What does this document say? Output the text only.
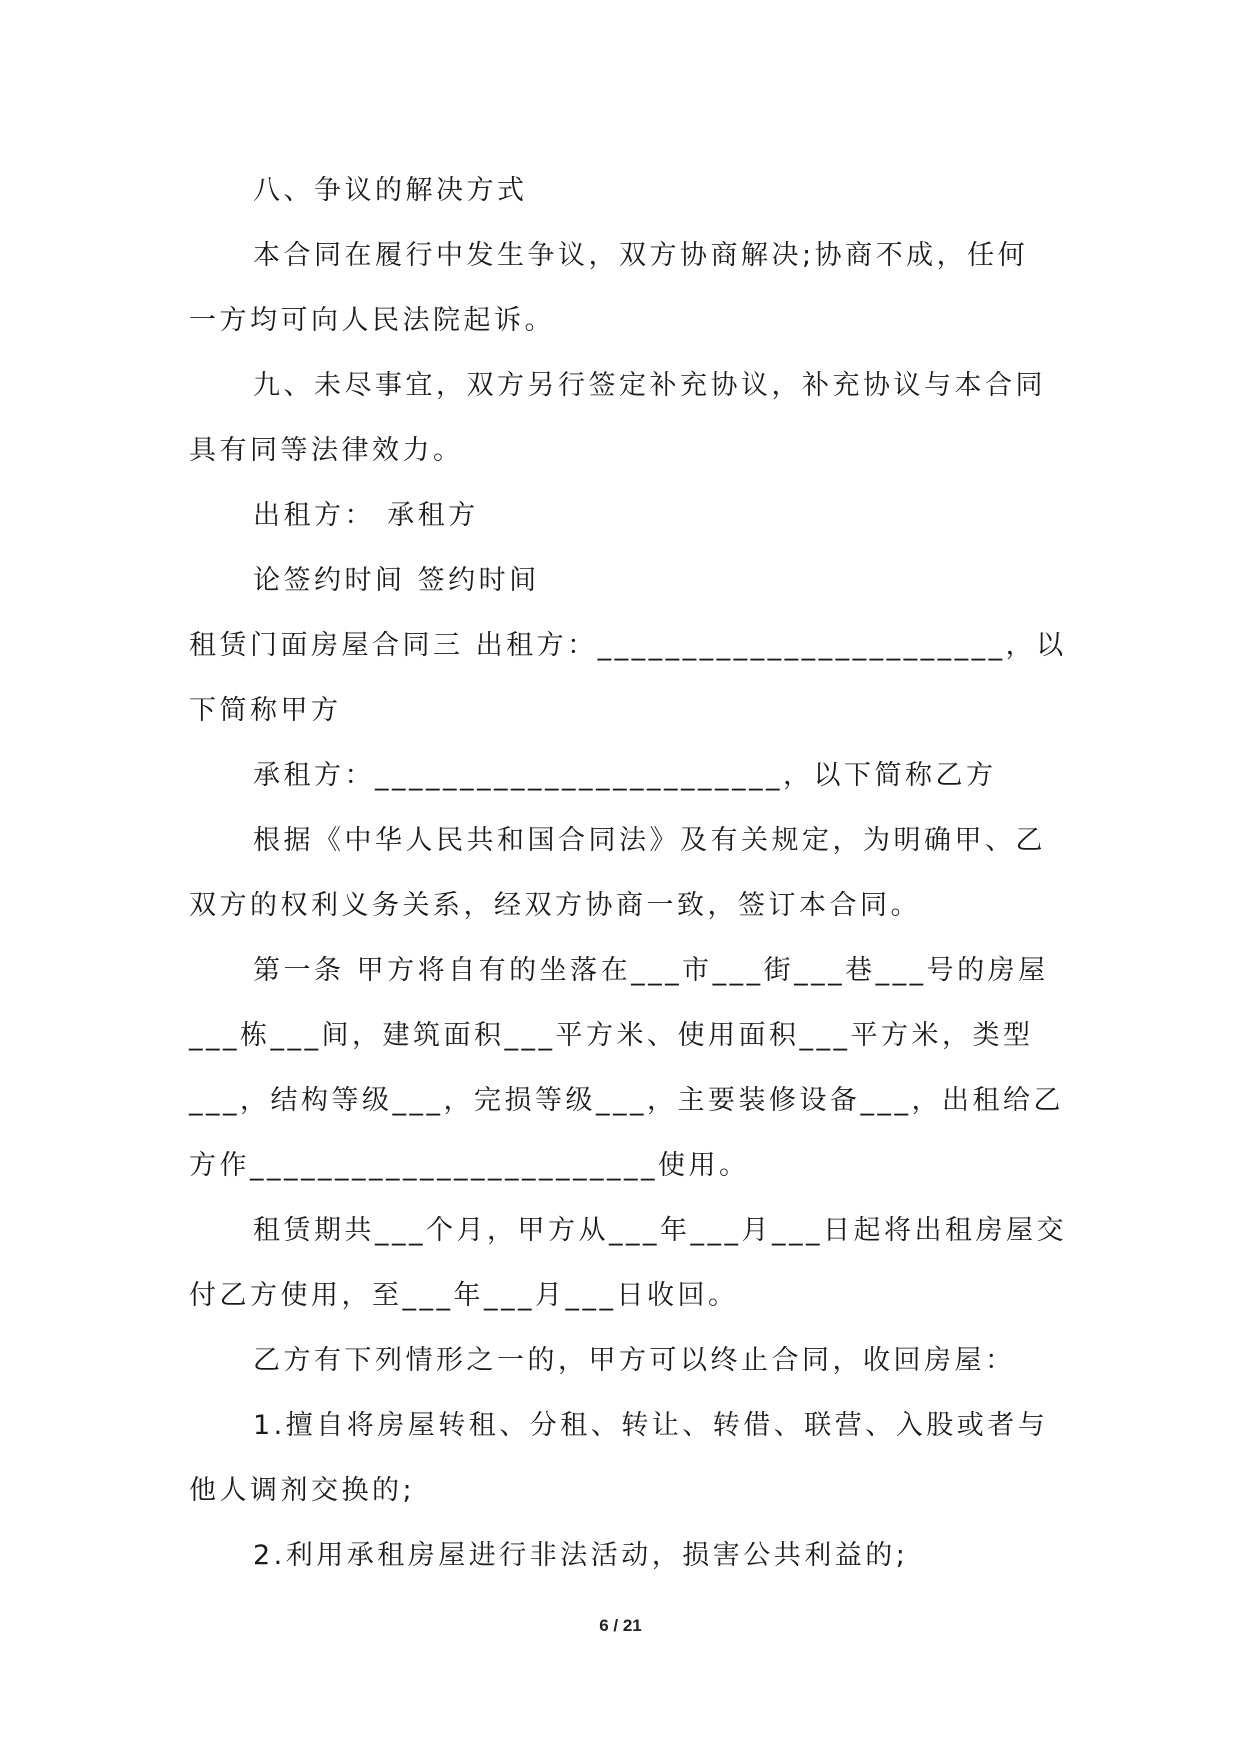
八、争议的解决方式
本合同在履行中发生争议，双方协商解决;协商不成，任何
一方均可向人民法院起诉。
九、未尽事宜，双方另行签定补充协议，补充协议与本合同
具有同等法律效力。
出租方： 承租方
论签约时间 签约时间
租赁门面房屋合同三 出租方：________________________，以
下简称甲方
承租方：________________________，以下简称乙方
根据《中华人民共和国合同法》及有关规定，为明确甲、乙
双方的权利义务关系，经双方协商一致，签订本合同。
第一条 甲方将自有的坐落在___市___街___巷___号的房屋
___栋___间，建筑面积___平方米、使用面积___平方米，类型
___，结构等级___，完损等级___，主要装修设备___，出租给乙
方作________________________使用。
租赁期共___个月，甲方从___年___月___日起将出租房屋交
付乙方使用，至___年___月___日收回。
乙方有下列情形之一的，甲方可以终止合同，收回房屋：
1.擅自将房屋转租、分租、转让、转借、联营、入股或者与
他人调剂交换的;
2.利用承租房屋进行非法活动，损害公共利益的;
6 / 21
